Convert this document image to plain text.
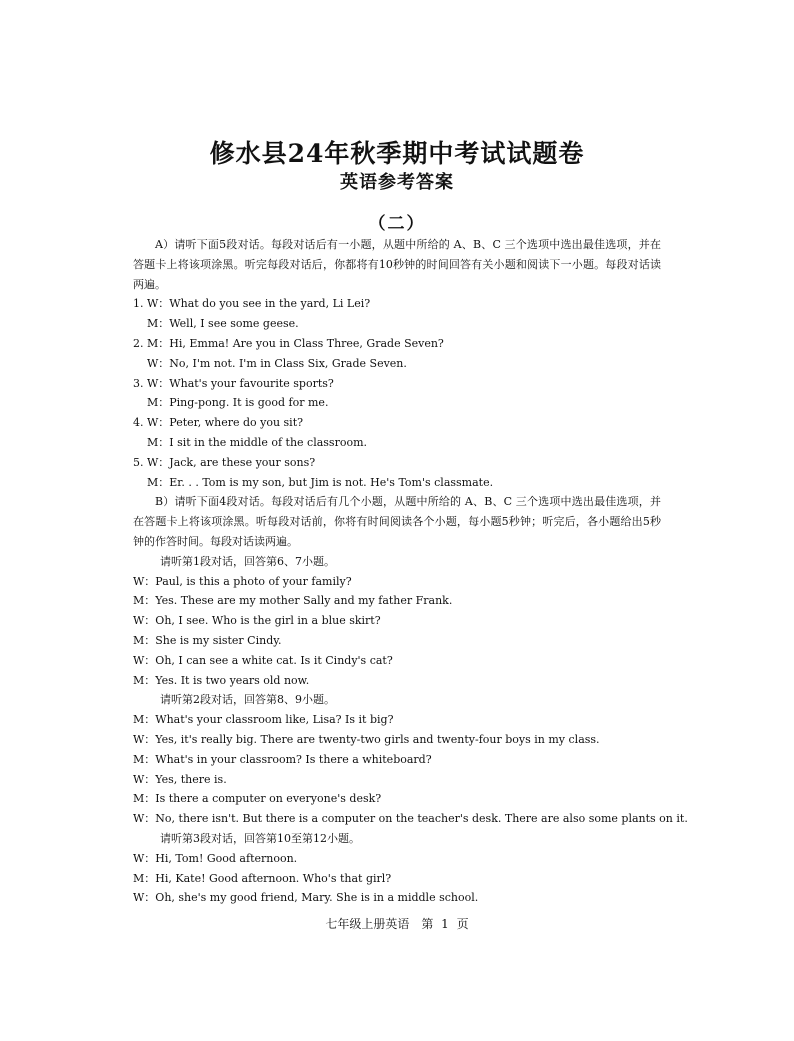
修水县24年秋季期中考试试题卷
英语参考答案
（二）

A）请听下面5段对话。每段对话后有一小题，从题中所给的 A、B、C 三个选项中选出最佳选项，并在答题卡上将该项涂黑。听完每段对话后，你都将有10秒钟的时间回答有关小题和阅读下一小题。每段对话读两遍。

1. W：What do you see in the yard, Li Lei?

M：Well, I see some geese.

2. M：Hi, Emma! Are you in Class Three, Grade Seven?

W：No, I'm not. I'm in Class Six, Grade Seven.

3. W：What's your favourite sports?

M：Ping-pong. It is good for me.

4. W：Peter, where do you sit?

M：I sit in the middle of the classroom.

5. W：Jack, are these your sons?

M：Er. . . Tom is my son, but Jim is not. He's Tom's classmate.

B）请听下面4段对话。每段对话后有几个小题，从题中所给的 A、B、C 三个选项中选出最佳选项，并在答题卡上将该项涂黑。听每段对话前，你将有时间阅读各个小题，每小题5秒钟；听完后，各小题给出5秒钟的作答时间。每段对话读两遍。

请听第1段对话，回答第6、7小题。

W：Paul, is this a photo of your family?

M：Yes. These are my mother Sally and my father Frank.

W：Oh, I see. Who is the girl in a blue skirt?

M：She is my sister Cindy.

W：Oh, I can see a white cat. Is it Cindy's cat?

M：Yes. It is two years old now.

请听第2段对话，回答第8、9小题。

M：What's your classroom like, Lisa? Is it big?

W：Yes, it's really big. There are twenty-two girls and twenty-four boys in my class.

M：What's in your classroom? Is there a whiteboard?

W：Yes, there is.

M：Is there a computer on everyone's desk?

W：No, there isn't. But there is a computer on the teacher's desk. There are also some plants on it.

请听第3段对话，回答第10至第12小题。

W：Hi, Tom! Good afternoon.

M：Hi, Kate! Good afternoon. Who's that girl?

W：Oh, she's my good friend, Mary. She is in a middle school.

七年级上册英语　第 1 页
